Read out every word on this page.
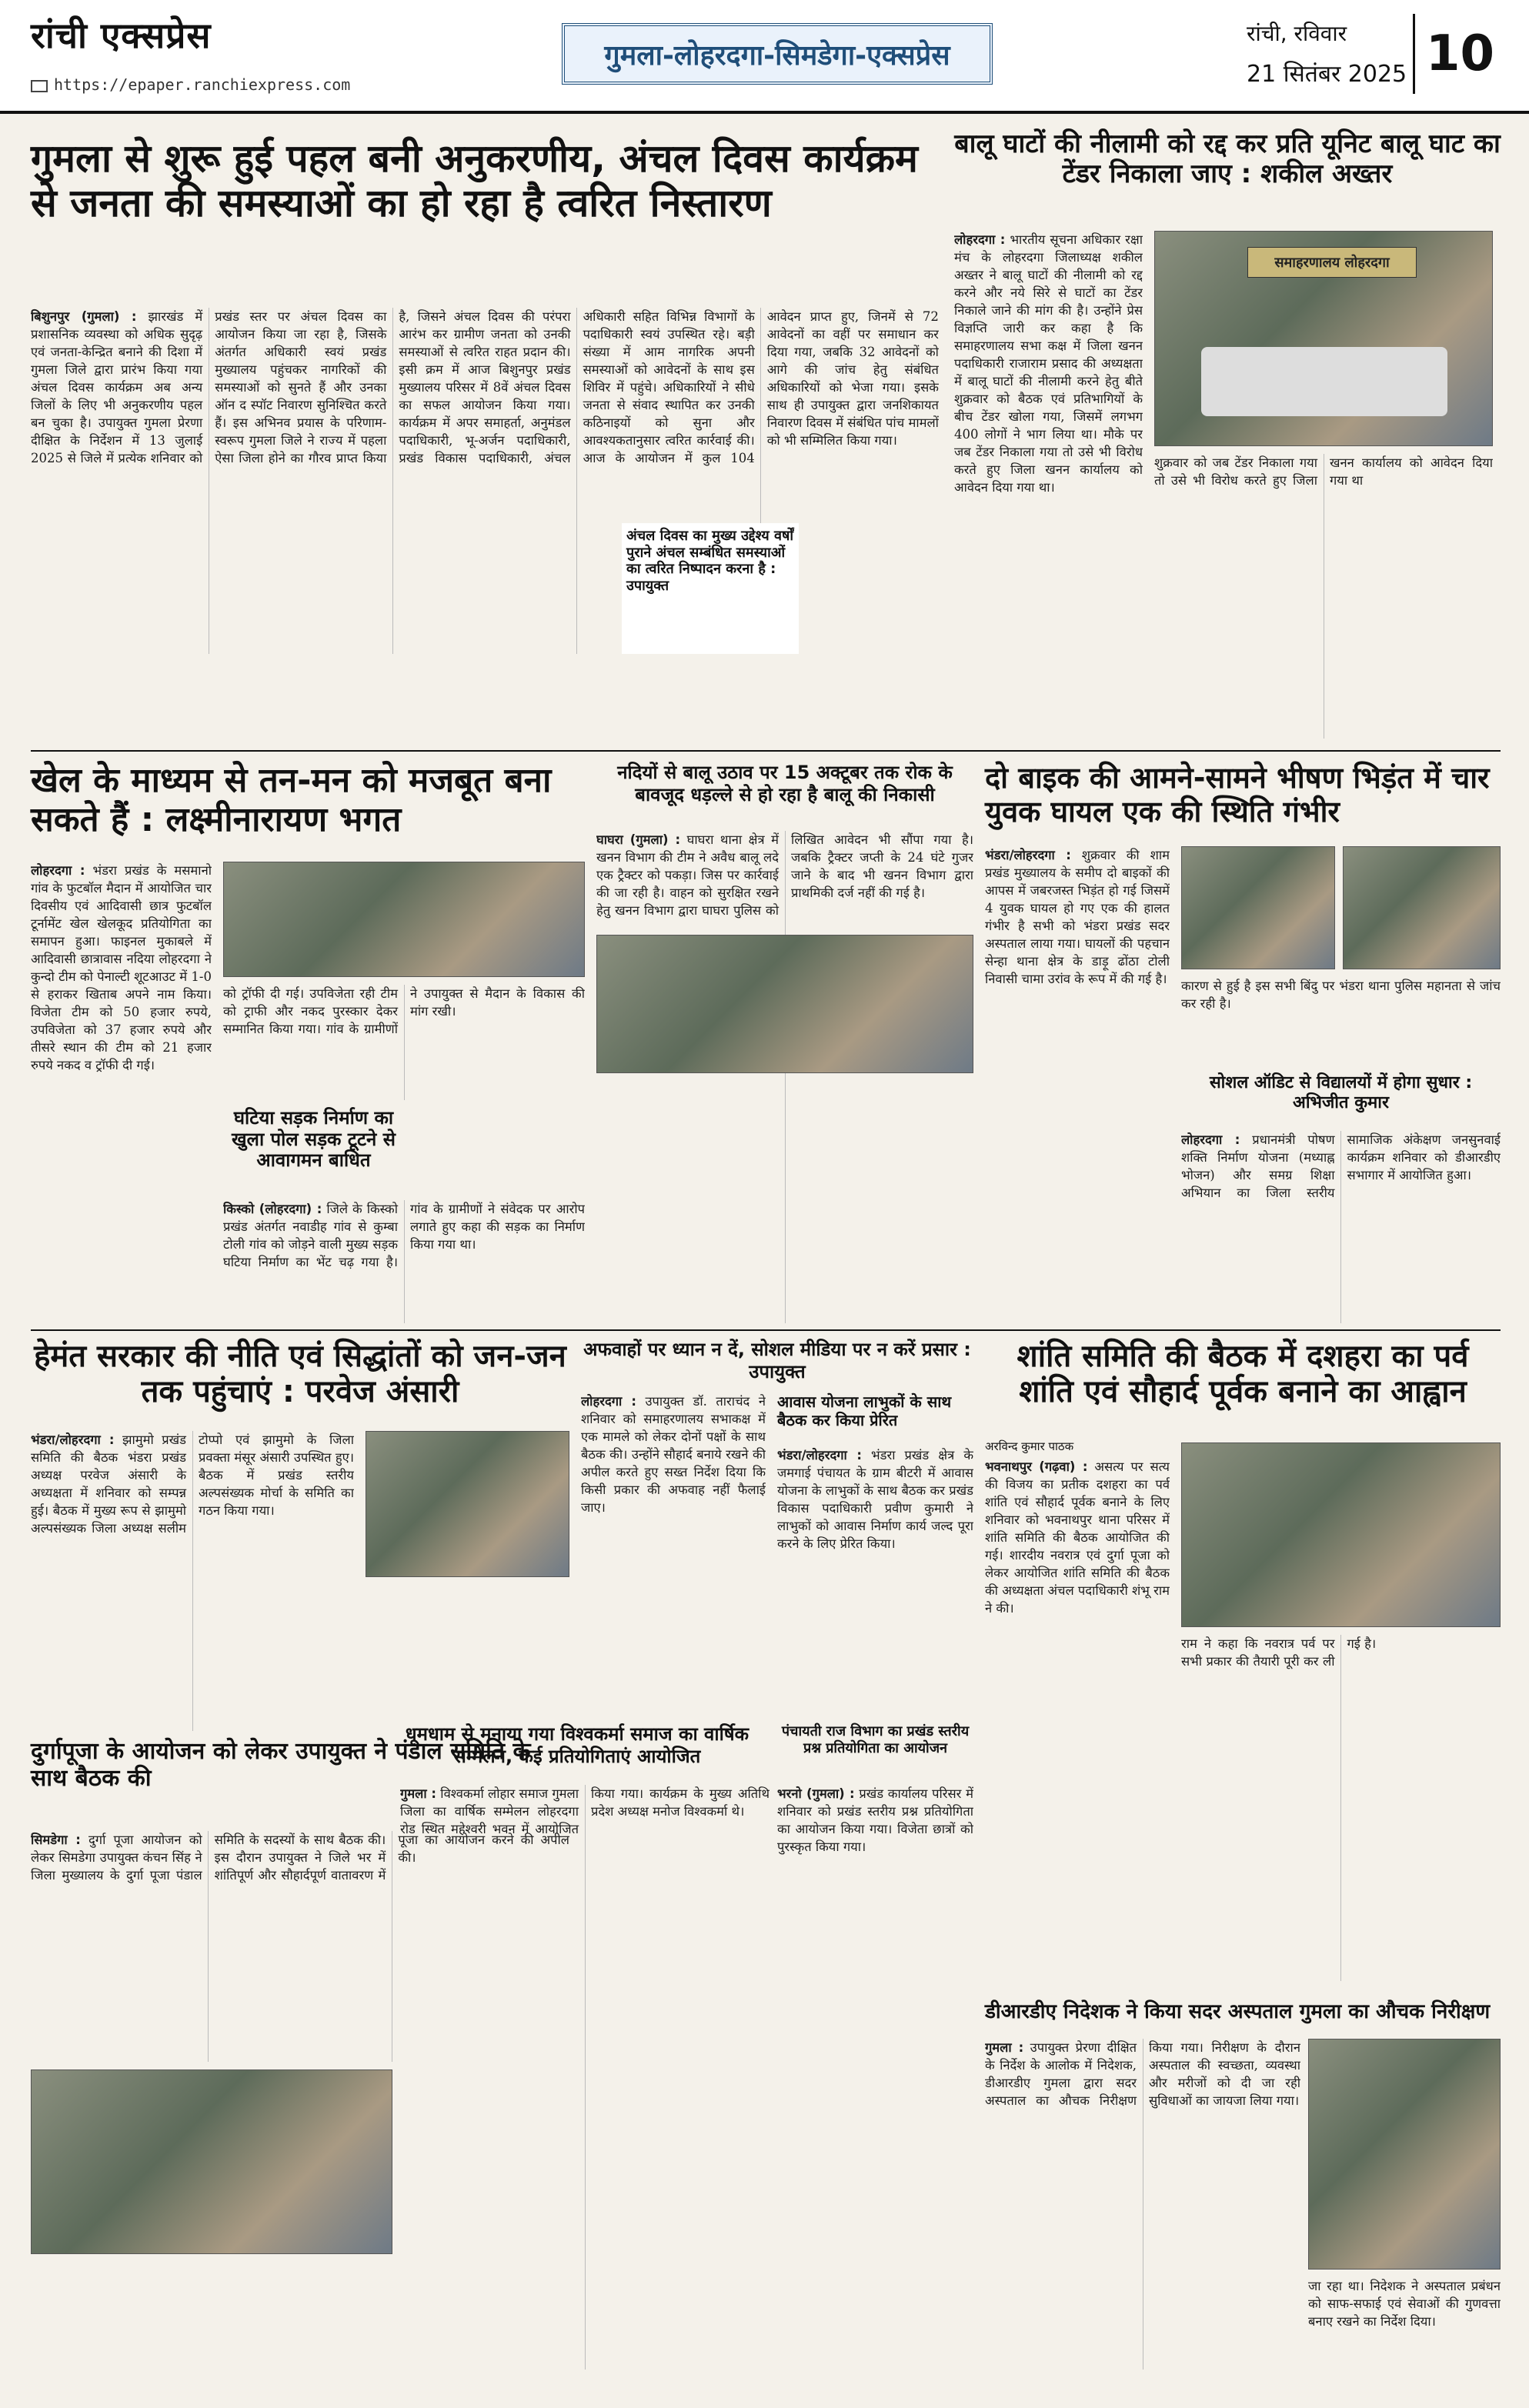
रांची एक्सप्रेस
https://epaper.ranchiexpress.com
गुमला-लोहरदगा-सिमडेगा-एक्सप्रेस
रांची, रविवार
21 सितंबर 2025 10
गुमला से शुरू हुई पहल बनी अनुकरणीय, अंचल दिवस कार्यक्रम से जनता की समस्याओं का हो रहा है त्वरित निस्तारण
बिशुनपुर (गुमला) : झारखंड में प्रशासनिक व्यवस्था को अधिक सुदृढ़ एवं जनता-केन्द्रित बनाने की दिशा में गुमला जिले द्वारा प्रारंभ किया गया अंचल दिवस कार्यक्रम अब अन्य जिलों के लिए भी अनुकरणीय पहल बन चुका है। उपायुक्त गुमला प्रेरणा दीक्षित के निर्देशन में 13 जुलाई 2025 से जिले में प्रत्येक शनिवार को प्रखंड स्तर पर अंचल दिवस का आयोजन किया जा रहा है, जिसके अंतर्गत अधिकारी स्वयं प्रखंड मुख्यालय पहुंचकर नागरिकों की समस्याओं को सुनते हैं और उनका ऑन द स्पॉट निवारण सुनिश्चित करते हैं। इस अभिनव प्रयास के परिणाम-स्वरूप गुमला जिले ने राज्य में पहला ऐसा जिला होने का गौरव प्राप्त किया है, जिसने अंचल दिवस की परंपरा आरंभ कर ग्रामीण जनता को उनकी समस्याओं से त्वरित राहत प्रदान की। इसी क्रम में आज बिशुनपुर प्रखंड मुख्यालय परिसर में 8वें अंचल दिवस का सफल आयोजन किया गया। कार्यक्रम में अपर समाहर्ता, अनुमंडल पदाधिकारी, भू-अर्जन पदाधिकारी, प्रखंड विकास पदाधिकारी, अंचल अधिकारी सहित विभिन्न विभागों के पदाधिकारी स्वयं उपस्थित रहे। बड़ी संख्या में आम नागरिक अपनी समस्याओं को आवेदनों के साथ इस शिविर में पहुंचे। अधिकारियों ने सीधे जनता से संवाद स्थापित कर उनकी कठिनाइयों को सुना और आवश्यकतानुसार त्वरित कार्रवाई की। आज के आयोजन में कुल 104 आवेदन प्राप्त हुए, जिनमें से 72 आवेदनों का वहीं पर समाधान कर दिया गया, जबकि 32 आवेदनों को आगे की जांच हेतु संबंधित अधिकारियों को भेजा गया। इसके साथ ही उपायुक्त द्वारा जनशिकायत निवारण दिवस में संबंधित पांच मामलों को भी सम्मिलित किया गया।
अंचल दिवस का मुख्य उद्देश्य वर्षों पुराने अंचल सम्बंधित समस्याओं का त्वरित निष्पादन करना है : उपायुक्त
बालू घाटों की नीलामी को रद्द कर प्रति यूनिट बालू घाट का टेंडर निकाला जाए : शकील अख्तर
लोहरदगा : भारतीय सूचना अधिकार रक्षा मंच के लोहरदगा जिलाध्यक्ष शकील अख्तर ने बालू घाटों की नीलामी को रद्द करने और नये सिरे से घाटों का टेंडर निकाले जाने की मांग की है। उन्होंने प्रेस विज्ञप्ति जारी कर कहा है कि समाहरणालय सभा कक्ष में जिला खनन पदाधिकारी राजाराम प्रसाद की अध्यक्षता में बालू घाटों की नीलामी करने हेतु बीते शुक्रवार को बैठक एवं प्रतिभागियों के बीच टेंडर खोला गया, जिसमें लगभग 400 लोगों ने भाग लिया था। मौके पर जब टेंडर निकाला गया तो उसे भी विरोध करते हुए जिला खनन कार्यालय को आवेदन दिया गया था।
समाहरणालय लोहरदगा
शुक्रवार को जब टेंडर निकाला गया तो उसे भी विरोध करते हुए जिला खनन कार्यालय को आवेदन दिया गया था
खेल के माध्यम से तन-मन को मजबूत बना सकते हैं : लक्ष्मीनारायण भगत
लोहरदगा : भंडरा प्रखंड के मसमानो गांव के फुटबॉल मैदान में आयोजित चार दिवसीय एवं आदिवासी छात्र फुटबॉल टूर्नामेंट खेल खेलकूद प्रतियोगिता का समापन हुआ। फाइनल मुकाबले में आदिवासी छात्रावास नदिया लोहरदगा ने कुन्दो टीम को पेनाल्टी शूटआउट में 1-0 से हराकर खिताब अपने नाम किया। विजेता टीम को 50 हजार रुपये, उपविजेता को 37 हजार रुपये और तीसरे स्थान की टीम को 21 हजार रुपये नकद व ट्रॉफी दी गई।
को ट्रॉफी दी गई। उपविजेता रही टीम को ट्राफी और नकद पुरस्कार देकर सम्मानित किया गया। गांव के ग्रामीणों ने उपायुक्त से मैदान के विकास की मांग रखी।
घटिया सड़क निर्माण का खुला पोल सड़क टूटने से आवागमन बाधित
किस्को (लोहरदगा) : जिले के किस्को प्रखंड अंतर्गत नवाडीह गांव से कुम्बा टोली गांव को जोड़ने वाली मुख्य सड़क घटिया निर्माण का भेंट चढ़ गया है। गांव के ग्रामीणों ने संवेदक पर आरोप लगाते हुए कहा की सड़क का निर्माण किया गया था।
नदियों से बालू उठाव पर 15 अक्टूबर तक रोक के बावजूद धड़ल्ले से हो रहा है बालू की निकासी
घाघरा (गुमला) : घाघरा थाना क्षेत्र में खनन विभाग की टीम ने अवैध बालू लदे एक ट्रैक्टर को पकड़ा। जिस पर कार्रवाई की जा रही है। वाहन को सुरक्षित रखने हेतु खनन विभाग द्वारा घाघरा पुलिस को लिखित आवेदन भी सौंपा गया है। जबकि ट्रैक्टर जप्ती के 24 घंटे गुजर जाने के बाद भी खनन विभाग द्वारा प्राथमिकी दर्ज नहीं की गई है।
दो बाइक की आमने-सामने भीषण भिड़ंत में चार युवक घायल एक की स्थिति गंभीर
भंडरा/लोहरदगा : शुक्रवार की शाम प्रखंड मुख्यालय के समीप दो बाइकों की आपस में जबरजस्त भिड़ंत हो गई जिसमें 4 युवक घायल हो गए एक की हालत गंभीर है सभी को भंडरा प्रखंड सदर अस्पताल लाया गया। घायलों की पहचान सेन्हा थाना क्षेत्र के डाड़ू ढोंठा टोली निवासी चामा उरांव के रूप में की गई है। कारण से हुई है इस सभी बिंदु पर भंडरा थाना पुलिस महानता से जांच कर रही है।
सोशल ऑडिट से विद्यालयों में होगा सुधार : अभिजीत कुमार
लोहरदगा : प्रधानमंत्री पोषण शक्ति निर्माण योजना (मध्याह्न भोजन) और समग्र शिक्षा अभियान का जिला स्तरीय सामाजिक अंकेक्षण जनसुनवाई कार्यक्रम शनिवार को डीआरडीए सभागार में आयोजित हुआ।
हेमंत सरकार की नीति एवं सिद्धांतों को जन-जन तक पहुंचाएं : परवेज अंसारी
भंडरा/लोहरदगा : झामुमो प्रखंड समिति की बैठक भंडरा प्रखंड अध्यक्ष परवेज अंसारी के अध्यक्षता में शनिवार को सम्पन्न हुई। बैठक में मुख्य रूप से झामुमो अल्पसंख्यक जिला अध्यक्ष सलीम टोप्पो एवं झामुमो के जिला प्रवक्ता मंसूर अंसारी उपस्थित हुए। बैठक में प्रखंड स्तरीय अल्पसंख्यक मोर्चा के समिति का गठन किया गया।
अफवाहों पर ध्यान न दें, सोशल मीडिया पर न करें प्रसार : उपायुक्त
लोहरदगा : उपायुक्त डॉ. ताराचंद ने शनिवार को समाहरणालय सभाकक्ष में एक मामले को लेकर दोनों पक्षों के साथ बैठक की। उन्होंने सौहार्द बनाये रखने की अपील करते हुए सख्त निर्देश दिया कि किसी प्रकार की अफवाह नहीं फैलाई जाए।
आवास योजना लाभुकों के साथ बैठक कर किया प्रेरित
भंडरा/लोहरदगा : भंडरा प्रखंड क्षेत्र के जमगाई पंचायत के ग्राम बीटरी में आवास योजना के लाभुकों के साथ बैठक कर प्रखंड विकास पदाधिकारी प्रवीण कुमारी ने लाभुकों को आवास निर्माण कार्य जल्द पूरा करने के लिए प्रेरित किया।
शांति समिति की बैठक में दशहरा का पर्व शांति एवं सौहार्द पूर्वक बनाने का आह्वान
अरविन्द कुमार पाठक
भवनाथपुर (गढ़वा) : असत्य पर सत्य की विजय का प्रतीक दशहरा का पर्व शांति एवं सौहार्द पूर्वक बनाने के लिए शनिवार को भवनाथपुर थाना परिसर में शांति समिति की बैठक आयोजित की गई। शारदीय नवरात्र एवं दुर्गा पूजा को लेकर आयोजित शांति समिति की बैठक की अध्यक्षता अंचल पदाधिकारी शंभू राम ने की।
राम ने कहा कि नवरात्र पर्व पर सभी प्रकार की तैयारी पूरी कर ली गई है।
दुर्गापूजा के आयोजन को लेकर उपायुक्त ने पंडाल समिति के साथ बैठक की
सिमडेगा : दुर्गा पूजा आयोजन को लेकर सिमडेगा उपायुक्त कंचन सिंह ने जिला मुख्यालय के दुर्गा पूजा पंडाल समिति के सदस्यों के साथ बैठक की। इस दौरान उपायुक्त ने जिले भर में शांतिपूर्ण और सौहार्दपूर्ण वातावरण में पूजा का आयोजन करने की अपील की।
धूमधाम से मनाया गया विश्वकर्मा समाज का वार्षिक सम्मेलन, कई प्रतियोगिताएं आयोजित
गुमला : विश्वकर्मा लोहार समाज गुमला जिला का वार्षिक सम्मेलन लोहरदगा रोड स्थित महेश्वरी भवन में आयोजित किया गया। कार्यक्रम के मुख्य अतिथि प्रदेश अध्यक्ष मनोज विश्वकर्मा थे।
पंचायती राज विभाग का प्रखंड स्तरीय प्रश्न प्रतियोगिता का आयोजन
भरनो (गुमला) : प्रखंड कार्यालय परिसर में शनिवार को प्रखंड स्तरीय प्रश्न प्रतियोगिता का आयोजन किया गया। विजेता छात्रों को पुरस्कृत किया गया।
डीआरडीए निदेशक ने किया सदर अस्पताल गुमला का औचक निरीक्षण
गुमला : उपायुक्त प्रेरणा दीक्षित के निर्देश के आलोक में निदेशक, डीआरडीए गुमला द्वारा सदर अस्पताल का औचक निरीक्षण किया गया। निरीक्षण के दौरान अस्पताल की स्वच्छता, व्यवस्था और मरीजों को दी जा रही सुविधाओं का जायजा लिया गया।
जा रहा था। निदेशक ने अस्पताल प्रबंधन को साफ-सफाई एवं सेवाओं की गुणवत्ता बनाए रखने का निर्देश दिया।
